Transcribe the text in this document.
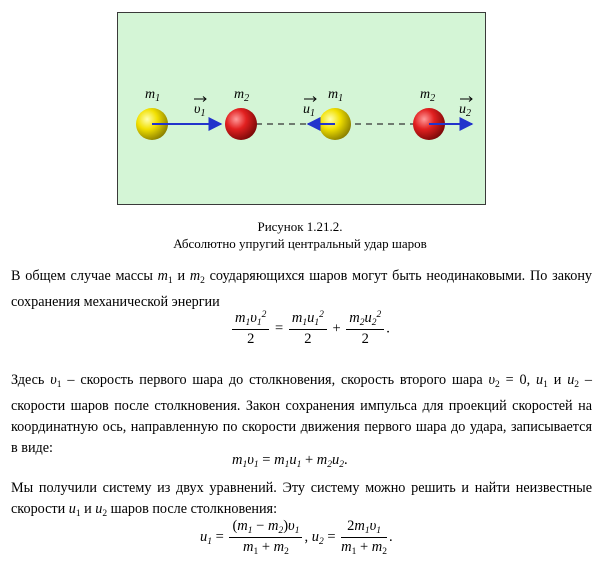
$m_1$
$\upsilon_1$
$m_2$
$u_1$
$m_1$	$m_2$
$u_2$
Рисунок 1.21.2.
Абсолютно упругий центральный удар шаров
В общем случае массы $m_1$ и $m_2$ соударяющихся шаров могут быть неодинаковыми. По закону сохранения механической энергии
$\frac{m_1\upsilon_1^2}{2} = \frac{m_1u_1^2}{2} + \frac{m_2u_2^2}{2}$ .
Здесь $\upsilon_1$ – скорость первого шара до столкновения, скорость второго шара $\upsilon_2 = 0$, $u_1$ и $u_2$ – скорости шаров после столкновения. Закон сохранения импульса для проекций скоростей на координатную ось, направленную по скорости движения первого шара до удара, записывается в виде:
$m_1\upsilon_1 = m_1u_1 + m_2u_2$.
Мы получили систему из двух уравнений. Эту систему можно решить и найти неизвестные скорости $u_1$ и $u_2$ шаров после столкновения:
$u_1 = \frac{(m_1 - m_2)\upsilon_1}{m_1 + m_2}$ , $u_2 = \frac{2m_1\upsilon_1}{m_1 + m_2}$ .
